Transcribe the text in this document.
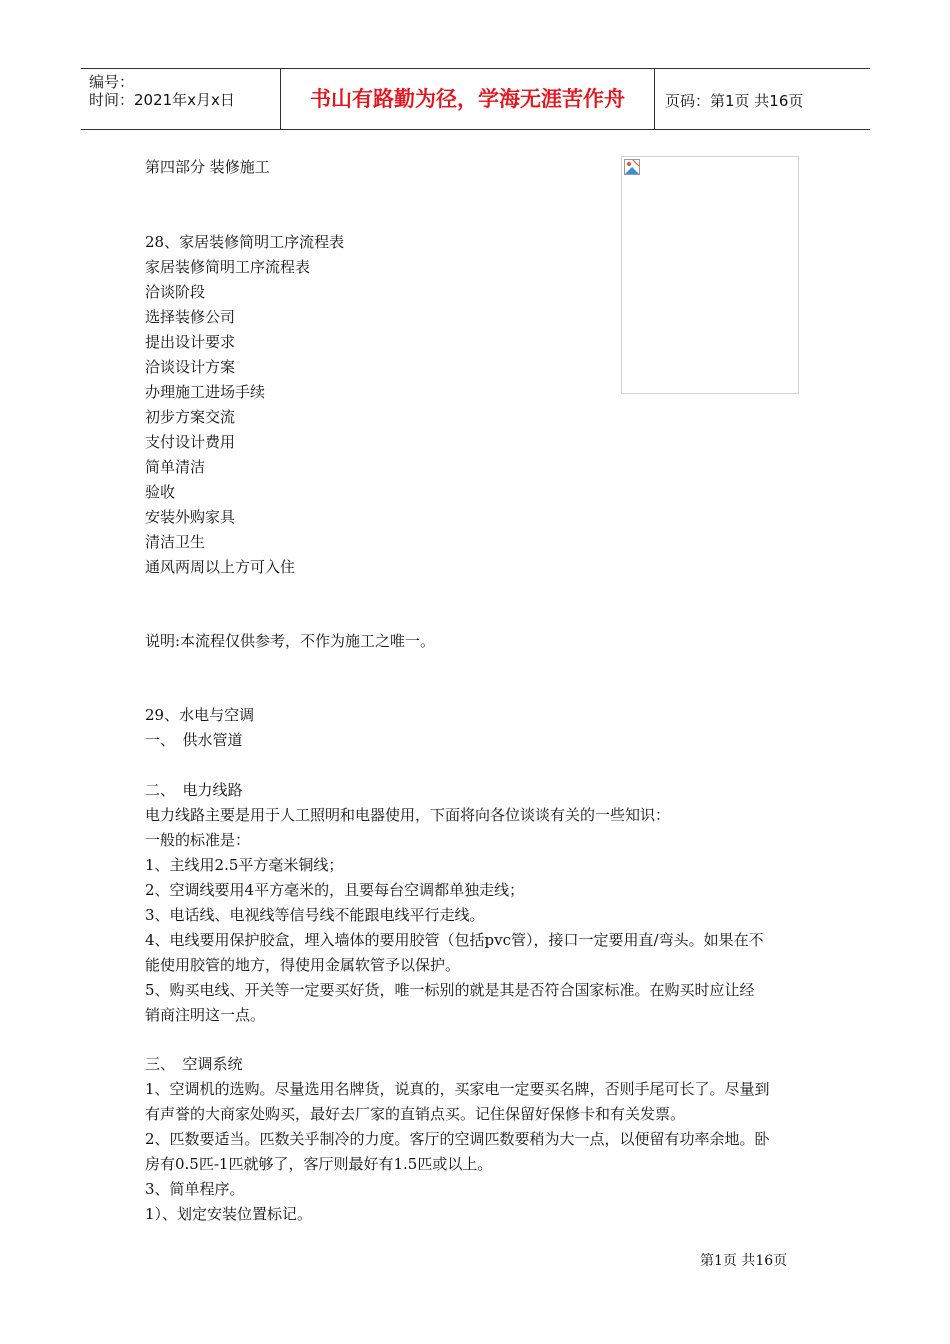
编号：
时间：2021年x月x日	书山有路勤为径，学海无涯苦作舟	页码：第1页 共16页
第四部分 装修施工
28、家居装修简明工序流程表
家居装修简明工序流程表
洽谈阶段
选择装修公司
提出设计要求
洽谈设计方案
办理施工进场手续
初步方案交流
支付设计费用
简单清洁
验收
安装外购家具
清洁卫生
通风两周以上方可入住
说明:本流程仅供参考，不作为施工之唯一。
29、水电与空调
一、　供水管道
二、　电力线路
电力线路主要是用于人工照明和电器使用，下面将向各位谈谈有关的一些知识：
一般的标准是：
1、主线用2.5平方毫米铜线；
2、空调线要用4平方毫米的，且要每台空调都单独走线；
3、电话线、电视线等信号线不能跟电线平行走线。
4、电线要用保护胶盒，埋入墙体的要用胶管（包括pvc管），接口一定要用直/弯头。如果在不
能使用胶管的地方，得使用金属软管予以保护。
5、购买电线、开关等一定要买好货，唯一标别的就是其是否符合国家标准。在购买时应让经
销商注明这一点。
三、　空调系统
1、空调机的选购。尽量选用名牌货，说真的，买家电一定要买名牌，否则手尾可长了。尽量到
有声誉的大商家处购买，最好去厂家的直销点买。记住保留好保修卡和有关发票。
2、匹数要适当。匹数关乎制冷的力度。客厅的空调匹数要稍为大一点，以便留有功率余地。卧
房有0.5匹-1匹就够了，客厅则最好有1.5匹或以上。
3、简单程序。
1）、划定安装位置标记。
第1页 共16页
